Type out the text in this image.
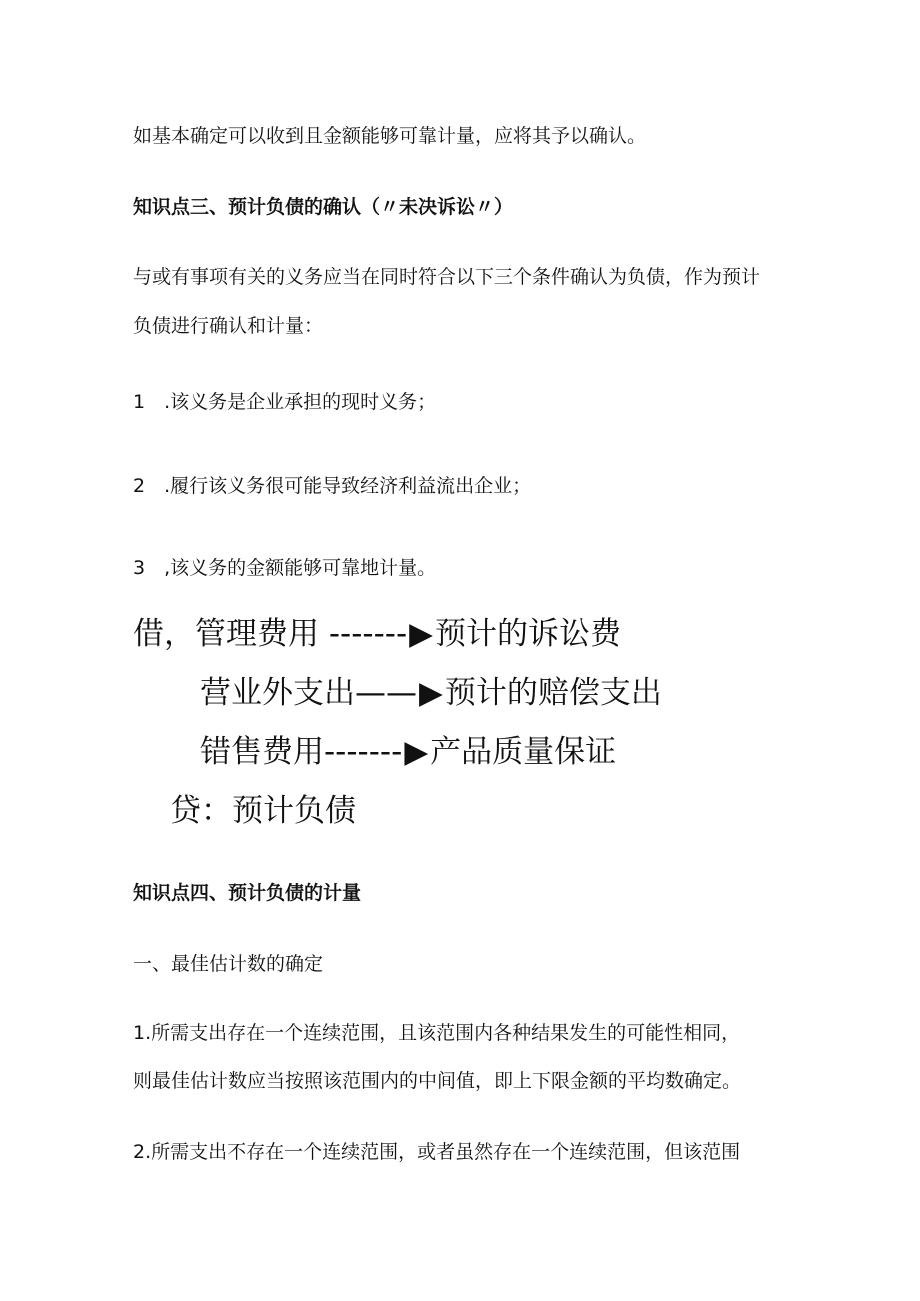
如基本确定可以收到且金额能够可靠计量，应将其予以确认。
知识点三、预计负债的确认（〃未决诉讼〃）
与或有事项有关的义务应当在同时符合以下三个条件确认为负债，作为预计
负债进行确认和计量：
1　.该义务是企业承担的现时义务；
2　.履行该义务很可能导致经济利益流出企业；
3　,该义务的金额能够可靠地计量。
借，管理费用 -------▶预计的诉讼费
营业外支出——▶预计的赔偿支出
错售费用-------▶产品质量保证
贷：预计负债
知识点四、预计负债的计量
一、最佳估计数的确定
1.所需支出存在一个连续范围，且该范围内各种结果发生的可能性相同，
则最佳估计数应当按照该范围内的中间值，即上下限金额的平均数确定。
2.所需支出不存在一个连续范围，或者虽然存在一个连续范围，但该范围
